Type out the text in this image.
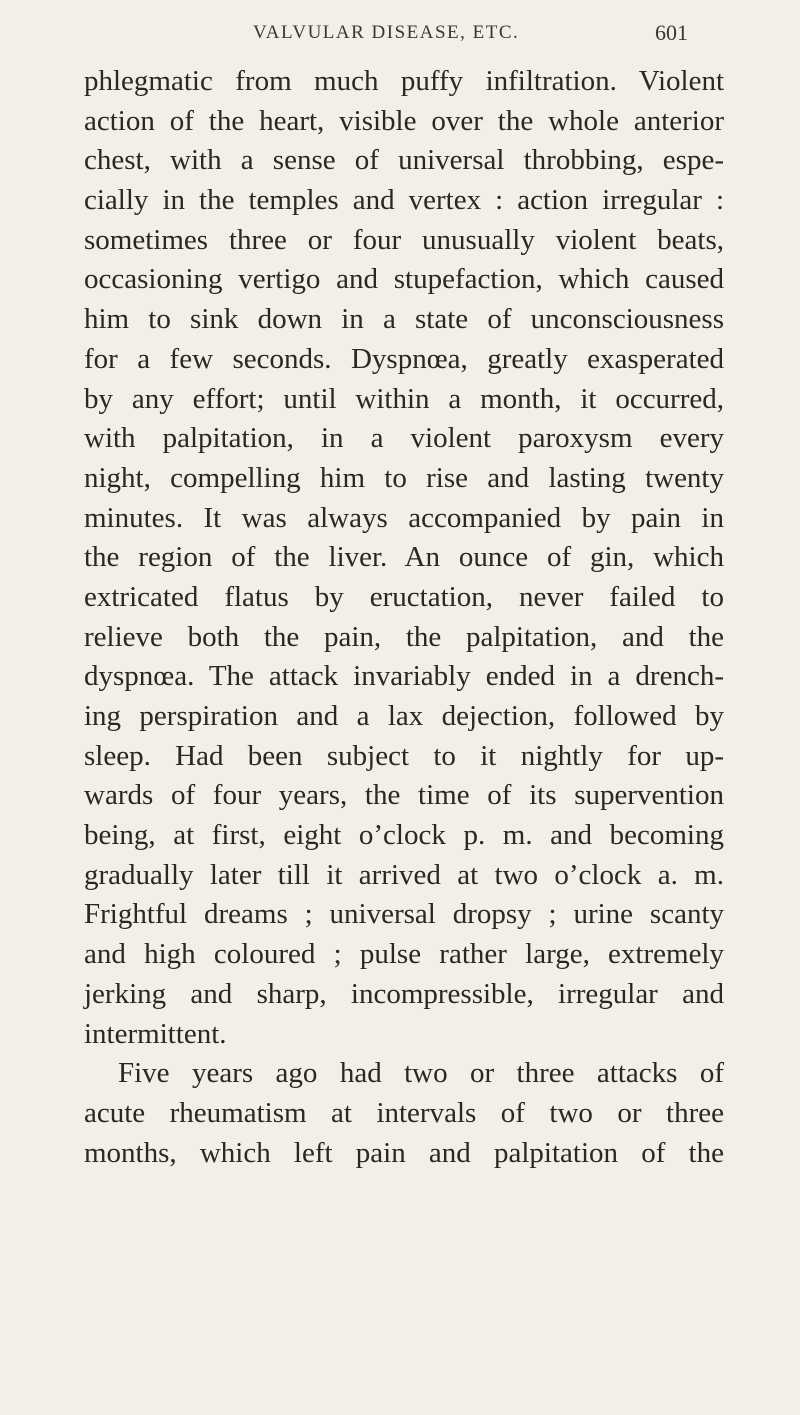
VALVULAR DISEASE, ETC.	601
phlegmatic from much puffy infiltration. Violent
action of the heart, visible over the whole anterior
chest, with a sense of universal throbbing, espe-
cially in the temples and vertex : action irregular :
sometimes three or four unusually violent beats,
occasioning vertigo and stupefaction, which caused
him to sink down in a state of unconsciousness
for a few seconds. Dyspnœa, greatly exasperated
by any effort; until within a month, it occurred,
with palpitation, in a violent paroxysm every
night, compelling him to rise and lasting twenty
minutes. It was always accompanied by pain in
the region of the liver. An ounce of gin, which
extricated flatus by eructation, never failed to
relieve both the pain, the palpitation, and the
dyspnœa. The attack invariably ended in a drench-
ing perspiration and a lax dejection, followed by
sleep. Had been subject to it nightly for up-
wards of four years, the time of its supervention
being, at first, eight o’clock p. m. and becoming
gradually later till it arrived at two o’clock a. m.
Frightful dreams ; universal dropsy ; urine scanty
and high coloured ; pulse rather large, extremely
jerking and sharp, incompressible, irregular and
intermittent.
Five years ago had two or three attacks of
acute rheumatism at intervals of two or three
months, which left pain and palpitation of the
